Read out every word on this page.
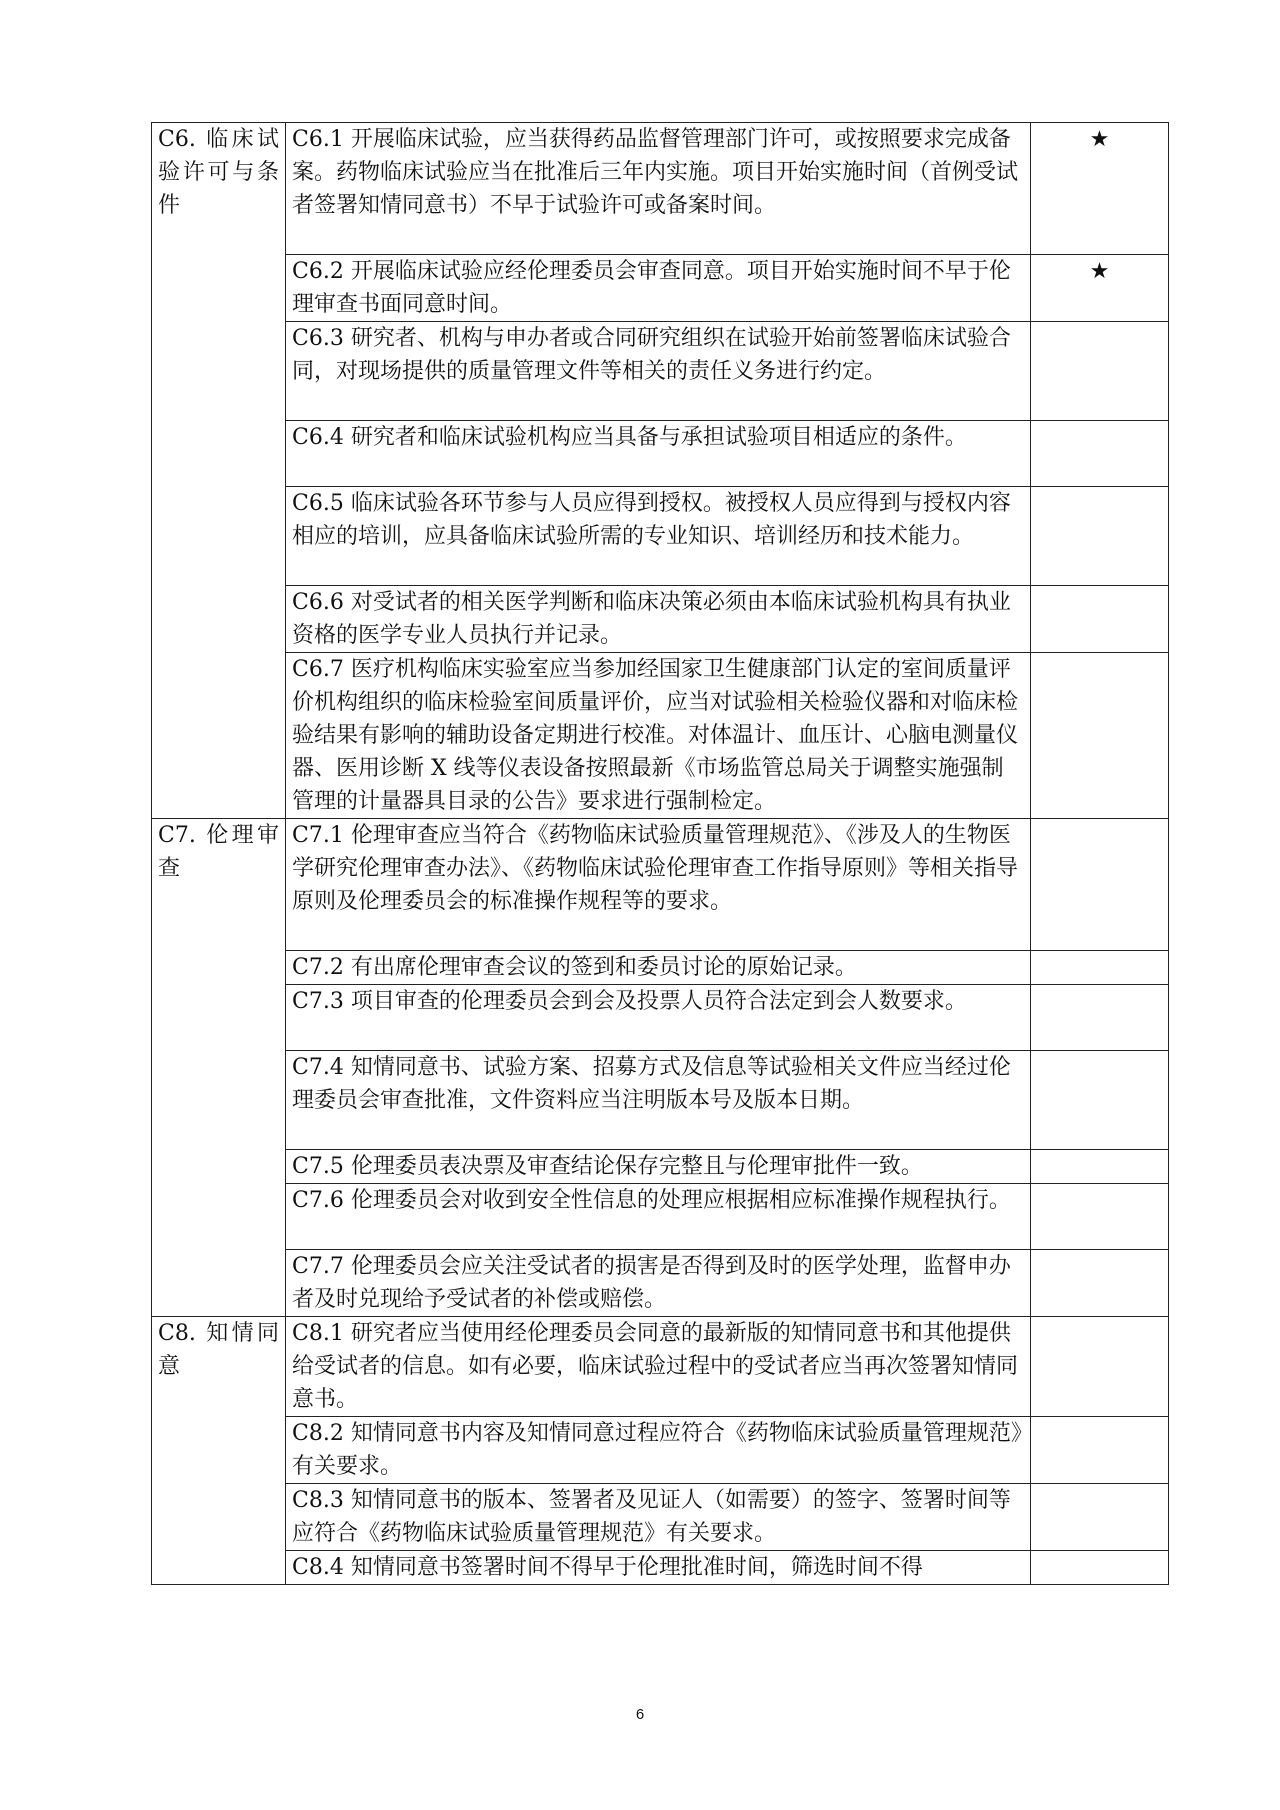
C6. 临床试验许可与条件	C6.1 开展临床试验，应当获得药品监督管理部门许可，或按照要求完成备案。药物临床试验应当在批准后三年内实施。项目开始实施时间（首例受试者签署知情同意书）不早于试验许可或备案时间。	★
	C6.2 开展临床试验应经伦理委员会审查同意。项目开始实施时间不早于伦理审查书面同意时间。	★
	C6.3 研究者、机构与申办者或合同研究组织在试验开始前签署临床试验合同，对现场提供的质量管理文件等相关的责任义务进行约定。	
	C6.4 研究者和临床试验机构应当具备与承担试验项目相适应的条件。	
	C6.5 临床试验各环节参与人员应得到授权。被授权人员应得到与授权内容相应的培训，应具备临床试验所需的专业知识、培训经历和技术能力。	
	C6.6 对受试者的相关医学判断和临床决策必须由本临床试验机构具有执业资格的医学专业人员执行并记录。	
	C6.7 医疗机构临床实验室应当参加经国家卫生健康部门认定的室间质量评价机构组织的临床检验室间质量评价，应当对试验相关检验仪器和对临床检验结果有影响的辅助设备定期进行校准。对体温计、血压计、心脑电测量仪器、医用诊断 X 线等仪表设备按照最新《市场监管总局关于调整实施强制管理的计量器具目录的公告》要求进行强制检定。	

C7. 伦理审查	C7.1 伦理审查应当符合《药物临床试验质量管理规范》、《涉及人的生物医学研究伦理审查办法》、《药物临床试验伦理审查工作指导原则》等相关指导原则及伦理委员会的标准操作规程等的要求。	
	C7.2 有出席伦理审查会议的签到和委员讨论的原始记录。	
	C7.3 项目审查的伦理委员会到会及投票人员符合法定到会人数要求。	
	C7.4 知情同意书、试验方案、招募方式及信息等试验相关文件应当经过伦理委员会审查批准，文件资料应当注明版本号及版本日期。	
	C7.5 伦理委员表决票及审查结论保存完整且与伦理审批件一致。	
	C7.6 伦理委员会对收到安全性信息的处理应根据相应标准操作规程执行。	
	C7.7 伦理委员会应关注受试者的损害是否得到及时的医学处理，监督申办者及时兑现给予受试者的补偿或赔偿。	

C8. 知情同意	C8.1 研究者应当使用经伦理委员会同意的最新版的知情同意书和其他提供给受试者的信息。如有必要，临床试验过程中的受试者应当再次签署知情同意书。	
	C8.2 知情同意书内容及知情同意过程应符合《药物临床试验质量管理规范》有关要求。	
	C8.3 知情同意书的版本、签署者及见证人（如需要）的签字、签署时间等应符合《药物临床试验质量管理规范》有关要求。	
	C8.4 知情同意书签署时间不得早于伦理批准时间，筛选时间不得	
6
